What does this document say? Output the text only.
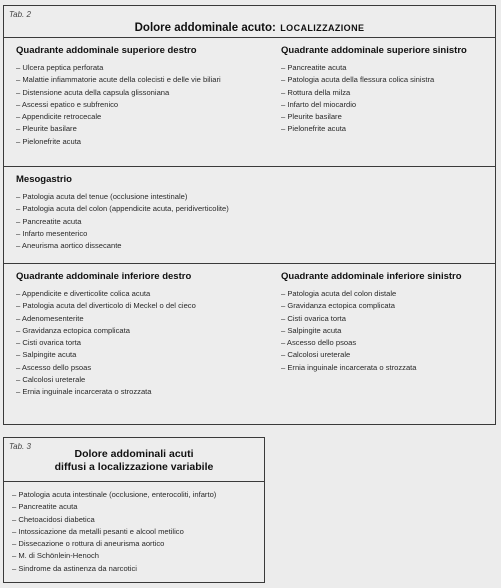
Tab. 2
Dolore addominale acuto: LOCALIZZAZIONE
Quadrante addominale superiore destro
– Ulcera peptica perforata
– Malattie infiammatorie acute della colecisti e delle vie biliari
– Distensione acuta della capsula glissoniana
– Ascessi epatico e subfrenico
– Appendicite retrocecale
– Pleurite basilare
– Pielonefrite acuta
Quadrante addominale superiore sinistro
– Pancreatite acuta
– Patologia acuta della flessura colica sinistra
– Rottura della milza
– Infarto del miocardio
– Pleurite basilare
– Pielonefrite acuta
Mesogastrio
– Patologia acuta del tenue (occlusione intestinale)
– Patologia acuta del colon (appendicite acuta, peridiverticolite)
– Pancreatite acuta
– Infarto mesenterico
– Aneurisma aortico dissecante
Quadrante addominale inferiore destro
– Appendicite e diverticolite colica acuta
– Patologia acuta del diverticolo di Meckel o del cieco
– Adenomesenterite
– Gravidanza ectopica complicata
– Cisti ovarica torta
– Salpingite acuta
– Ascesso dello psoas
– Calcolosi ureterale
– Ernia inguinale incarcerata o strozzata
Quadrante addominale inferiore sinistro
– Patologia acuta del colon distale
– Gravidanza ectopica complicata
– Cisti ovarica torta
– Salpingite acuta
– Ascesso dello psoas
– Calcolosi ureterale
– Ernia inguinale incarcerata o strozzata
Tab. 3
Dolore addominali acuti
diffusi a localizzazione variabile
– Patologia acuta intestinale (occlusione, enterocoliti, infarto)
– Pancreatite acuta
– Chetoacidosi diabetica
– Intossicazione da metalli pesanti e alcool metilico
– Dissecazione o rottura di aneurisma aortico
– M. di Schönlein-Henoch
– Sindrome da astinenza da narcotici
